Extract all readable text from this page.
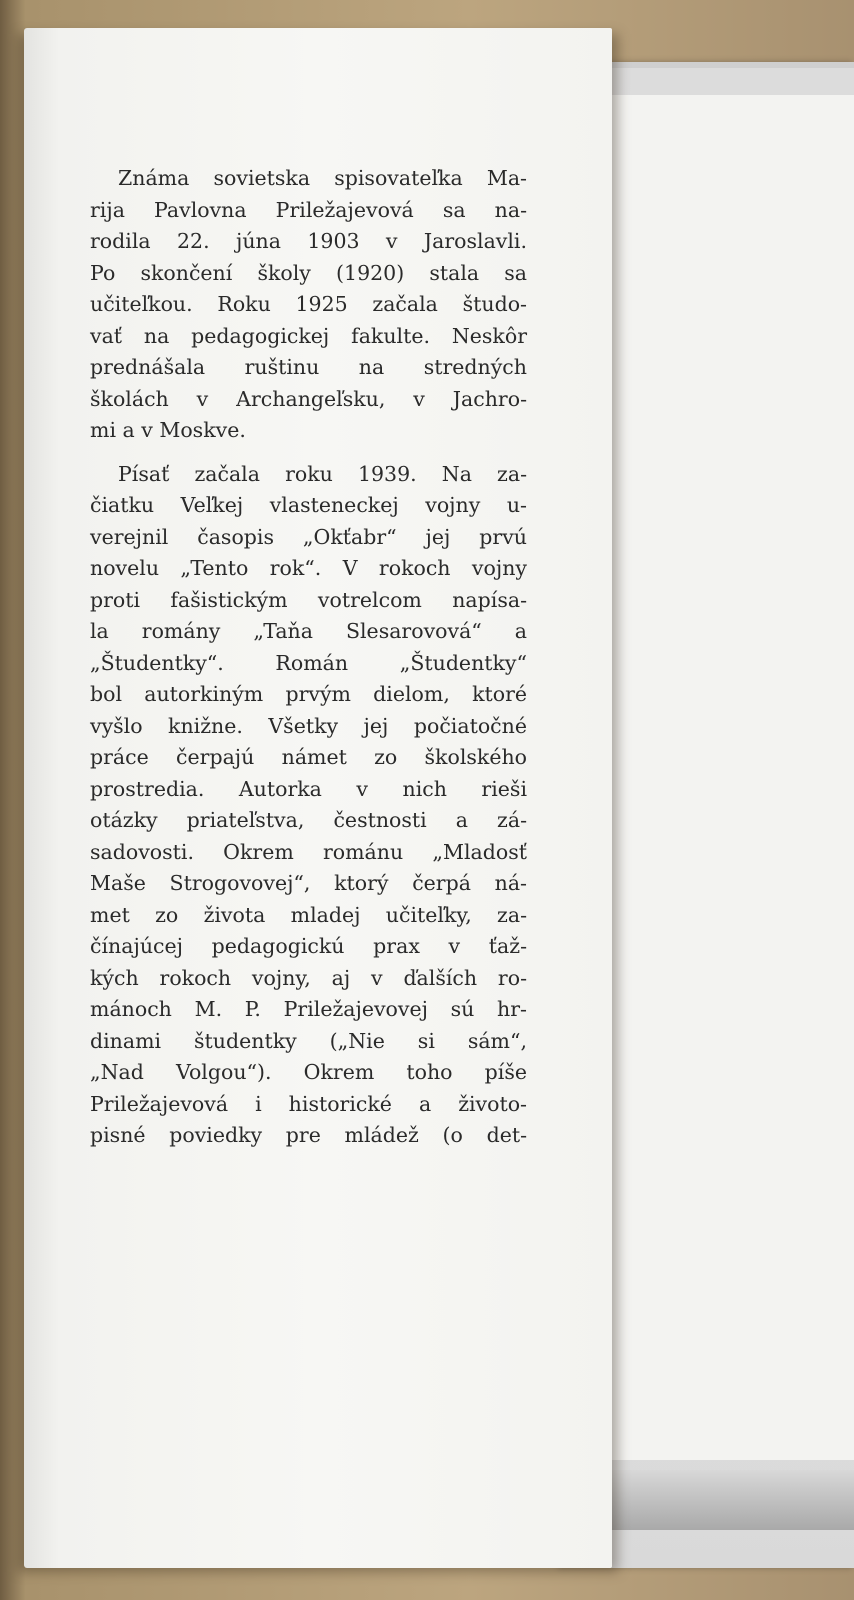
Známa sovietska spisovateľka Ma-

rija Pavlovna Priležajevová sa na-

rodila 22. júna 1903 v Jaroslavli.

Po skončení školy (1920) stala sa

učiteľkou. Roku 1925 začala študo-

vať na pedagogickej fakulte. Neskôr

prednášala ruštinu na stredných

školách v Archangeľsku, v Jachro-

mi a v Moskve.

Písať začala roku 1939. Na za-

čiatku Veľkej vlasteneckej vojny u-

verejnil časopis „Okťabr“ jej prvú

novelu „Tento rok“. V rokoch vojny

proti fašistickým votrelcom napísa-

la romány „Taňa Slesarovová“ a

„Študentky“. Román „Študentky“

bol autorkiným prvým dielom, ktoré

vyšlo knižne. Všetky jej počiatočné

práce čerpajú námet zo školského

prostredia. Autorka v nich rieši

otázky priateľstva, čestnosti a zá-

sadovosti. Okrem románu „Mladosť

Maše Strogovovej“, ktorý čerpá ná-

met zo života mladej učiteľky, za-

čínajúcej pedagogickú prax v ťaž-

kých rokoch vojny, aj v ďalších ro-

mánoch M. P. Priležajevovej sú hr-

dinami študentky („Nie si sám“,

„Nad Volgou“). Okrem toho píše

Priležajevová i historické a životo-

pisné poviedky pre mládež (o det-
